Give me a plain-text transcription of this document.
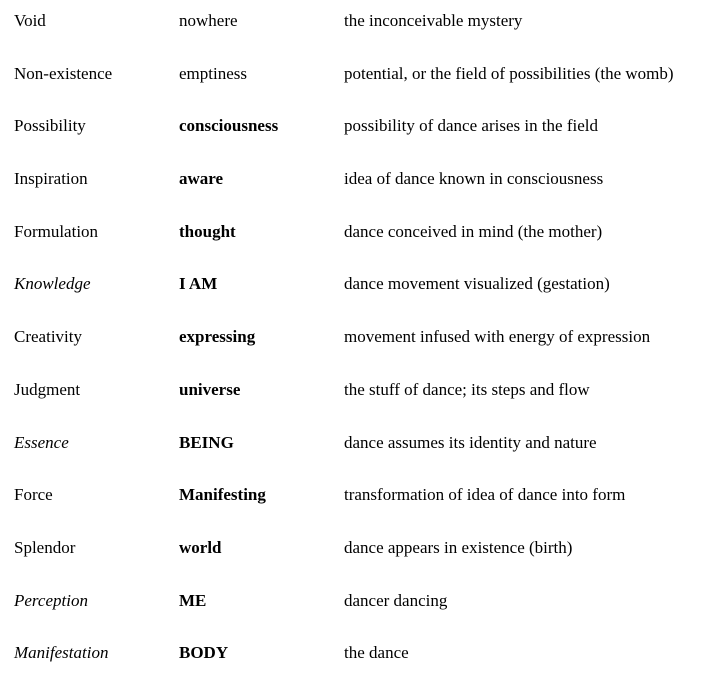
Void	nowhere	the inconceivable mystery
Non-existence	emptiness	potential, or the field of possibilities (the womb)
Possibility	consciousness	possibility of dance arises in the field
Inspiration	aware	idea of dance known in consciousness
Formulation	thought	dance conceived in mind (the mother)
Knowledge	I AM	dance movement visualized (gestation)
Creativity	expressing	movement infused with energy of expression
Judgment	universe	the stuff of dance; its steps and flow
Essence	BEING	dance assumes its identity and nature
Force	Manifesting	transformation of idea of dance into form
Splendor	world	dance appears in existence (birth)
Perception	ME	dancer dancing
Manifestation	BODY	the dance
